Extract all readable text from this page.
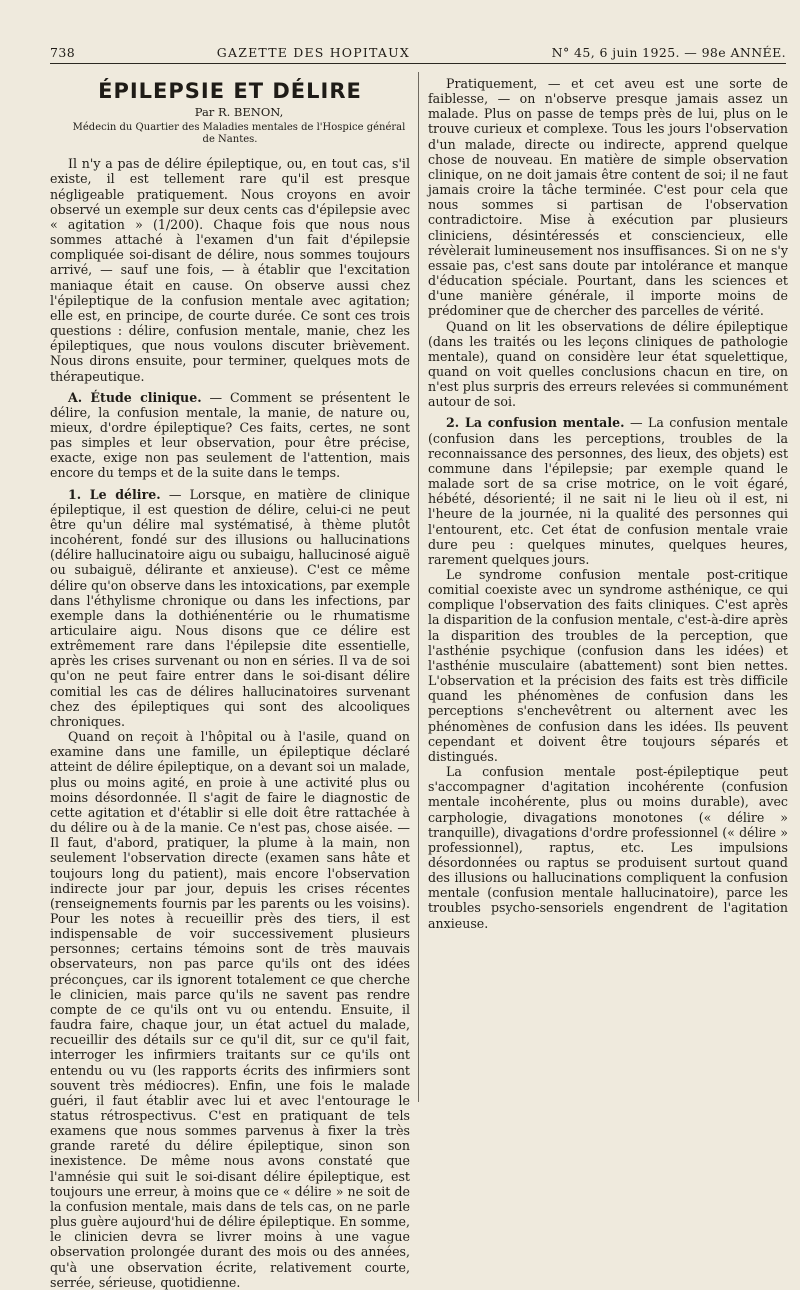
738	GAZETTE DES HOPITAUX	N° 45, 6 juin 1925. — 98e ANNÉE.
ÉPILEPSIE ET DÉLIRE

Par R. BENON,

Médecin du Quartier des Maladies mentales de l'Hospice général de Nantes.

Il n'y a pas de délire épileptique, ou, en tout cas, s'il existe, il est tellement rare qu'il est presque négligeable pratiquement. Nous croyons en avoir observé un exemple sur deux cents cas d'épilepsie avec « agitation » (1/200). Chaque fois que nous nous sommes attaché à l'examen d'un fait d'épilepsie compliquée soi-disant de délire, nous sommes toujours arrivé, — sauf une fois, — à établir que l'excitation maniaque était en cause. On observe aussi chez l'épileptique de la confusion mentale avec agitation; elle est, en principe, de courte durée. Ce sont ces trois questions : délire, confusion mentale, manie, chez les épileptiques, que nous voulons discuter brièvement. Nous dirons ensuite, pour terminer, quelques mots de thérapeutique.

A. Étude clinique. — Comment se présentent le délire, la confusion mentale, la manie, de nature ou, mieux, d'ordre épileptique? Ces faits, certes, ne sont pas simples et leur observation, pour être précise, exacte, exige non pas seulement de l'attention, mais encore du temps et de la suite dans le temps.

1. Le délire. — Lorsque, en matière de clinique épileptique, il est question de délire, celui-ci ne peut être qu'un délire mal systématisé, à thème plutôt incohérent, fondé sur des illusions ou hallucinations (délire hallucinatoire aigu ou subaigu, hallucinosé aiguë ou subaiguë, délirante et anxieuse). C'est ce même délire qu'on observe dans les intoxications, par exemple dans l'éthylisme chronique ou dans les infections, par exemple dans la dothiénentérie ou le rhumatisme articulaire aigu. Nous disons que ce délire est extrêmement rare dans l'épilepsie dite essentielle, après les crises survenant ou non en séries. Il va de soi qu'on ne peut faire entrer dans le soi-disant délire comitial les cas de délires hallucinatoires survenant chez des épileptiques qui sont des alcooliques chroniques.

Quand on reçoit à l'hôpital ou à l'asile, quand on examine dans une famille, un épileptique déclaré atteint de délire épileptique, on a devant soi un malade, plus ou moins agité, en proie à une activité plus ou moins désordonnée. Il s'agit de faire le diagnostic de cette agitation et d'établir si elle doit être rattachée à du délire ou à de la manie. Ce n'est pas, chose aisée. — Il faut, d'abord, pratiquer, la plume à la main, non seulement l'observation directe (examen sans hâte et toujours long du patient), mais encore l'observation indirecte jour par jour, depuis les crises récentes (renseignements fournis par les parents ou les voisins). Pour les notes à recueillir près des tiers, il est indispensable de voir successivement plusieurs personnes; certains témoins sont de très mauvais observateurs, non pas parce qu'ils ont des idées préconçues, car ils ignorent totalement ce que cherche le clinicien, mais parce qu'ils ne savent pas rendre compte de ce qu'ils ont vu ou entendu. Ensuite, il faudra faire, chaque jour, un état actuel du malade, recueillir des détails sur ce qu'il dit, sur ce qu'il fait, interroger les infirmiers traitants sur ce qu'ils ont entendu ou vu (les rapports écrits des infirmiers sont souvent très médiocres). Enfin, une fois le malade guéri, il faut établir avec lui et avec l'entourage le status rétrospectivus. C'est en pratiquant de tels examens que nous sommes parvenus à fixer la très grande rareté du délire épileptique, sinon son inexistence. De même nous avons constaté que l'amnésie qui suit le soi-disant délire épileptique, est toujours une erreur, à moins que ce « délire » ne soit de la confusion mentale, mais dans de tels cas, on ne parle plus guère aujourd'hui de délire épileptique. En somme, le clinicien devra se livrer moins à une vague observation prolongée durant des mois ou des années, qu'à une observation écrite, relativement courte, serrée, sérieuse, quotidienne.

Pratiquement, — et cet aveu est une sorte de faiblesse, — on n'observe presque jamais assez un malade. Plus on passe de temps près de lui, plus on le trouve curieux et complexe. Tous les jours l'observation d'un malade, directe ou indirecte, apprend quelque chose de nouveau. En matière de simple observation clinique, on ne doit jamais être content de soi; il ne faut jamais croire la tâche terminée. C'est pour cela que nous sommes si partisan de l'observation contradictoire. Mise à exécution par plusieurs cliniciens, désintéressés et consciencieux, elle révèlerait lumineusement nos insuffisances. Si on ne s'y essaie pas, c'est sans doute par intolérance et manque d'éducation spéciale. Pourtant, dans les sciences et d'une manière générale, il importe moins de prédominer que de chercher des parcelles de vérité.

Quand on lit les observations de délire épileptique (dans les traités ou les leçons cliniques de pathologie mentale), quand on considère leur état squelettique, quand on voit quelles conclusions chacun en tire, on n'est plus surpris des erreurs relevées si communément autour de soi.

2. La confusion mentale. — La confusion mentale (confusion dans les perceptions, troubles de la reconnaissance des personnes, des lieux, des objets) est commune dans l'épilepsie; par exemple quand le malade sort de sa crise motrice, on le voit égaré, hébété, désorienté; il ne sait ni le lieu où il est, ni l'heure de la journée, ni la qualité des personnes qui l'entourent, etc. Cet état de confusion mentale vraie dure peu : quelques minutes, quelques heures, rarement quelques jours.

Le syndrome confusion mentale post-critique comitial coexiste avec un syndrome asthénique, ce qui complique l'observation des faits cliniques. C'est après la disparition de la confusion mentale, c'est-à-dire après la disparition des troubles de la perception, que l'asthénie psychique (confusion dans les idées) et l'asthénie musculaire (abattement) sont bien nettes. L'observation et la précision des faits est très difficile quand les phénomènes de confusion dans les perceptions s'enchevêtrent ou alternent avec les phénomènes de confusion dans les idées. Ils peuvent cependant et doivent être toujours séparés et distingués.

La confusion mentale post-épileptique peut s'accompagner d'agitation incohérente (confusion mentale incohérente, plus ou moins durable), avec carphologie, divagations monotones (« délire » tranquille), divagations d'ordre professionnel (« délire » professionnel), raptus, etc. Les impulsions désordonnées ou raptus se produisent surtout quand des illusions ou hallucinations compliquent la confusion mentale (confusion mentale hallucinatoire), parce les troubles psycho-sensoriels engendrent de l'agitation anxieuse.
